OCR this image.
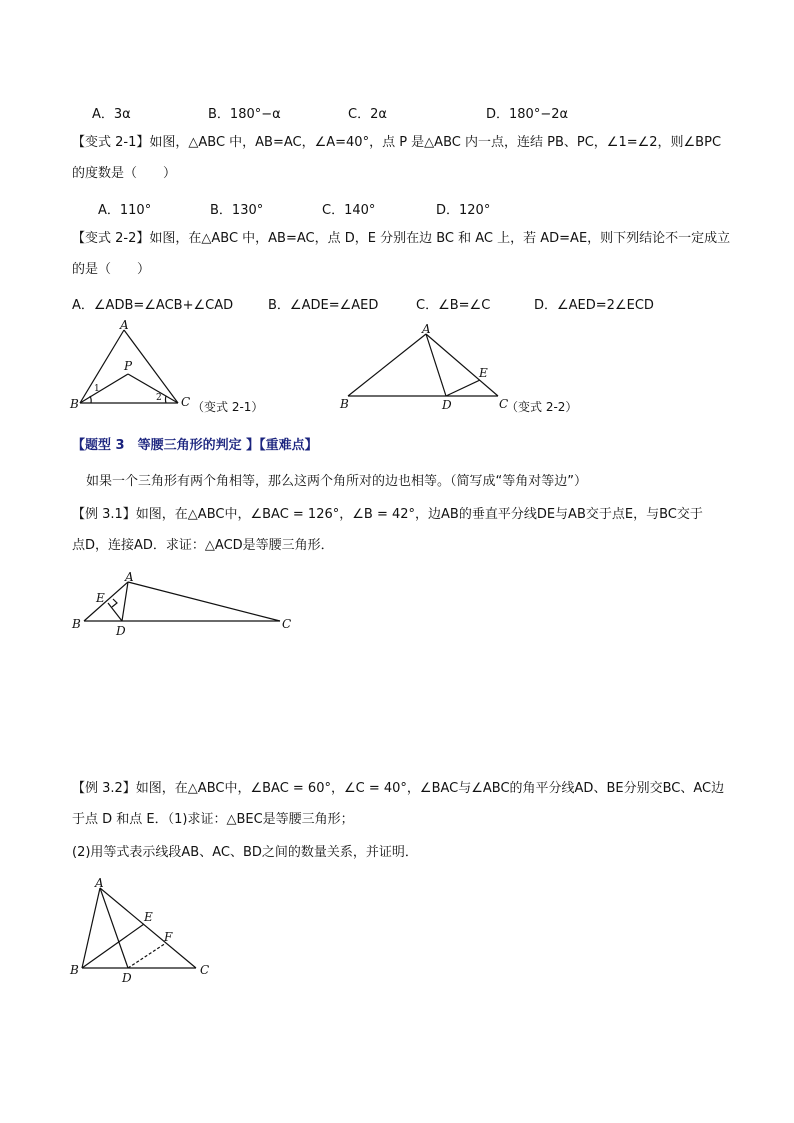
A．3α	B．180°−α	C．2α	D．180°−2α
【变式 2-1】如图，△ABC 中，AB=AC，∠A=40°，点 P 是△ABC 内一点，连结 PB、PC，∠1=∠2，则∠BPC
的度数是（　　）
A．110°	B．130°	C．140°	D．120°
【变式 2-2】如图，在△ABC 中，AB=AC，点 D，E 分别在边 BC 和 AC 上，若 AD=AE，则下列结论不一定成立
的是（　　）
A．∠ADB=∠ACB+∠CAD	B．∠ADE=∠AED	C．∠B=∠C	D．∠AED=2∠ECD
A
B	C
P
1
2
（变式 2-1）
A
B	C
D
E
（变式 2-2）
【题型 3　等腰三角形的判定 】【重难点】
如果一个三角形有两个角相等，那么这两个角所对的边也相等。（简写成“等角对等边”）
【例 3.1】如图，在△ABC中，∠BAC = 126°，∠B = 42°，边AB的垂直平分线DE与AB交于点E，与BC交于
点D，连接AD．求证：△ACD是等腰三角形．
A
B	C
D
E
【例 3.2】如图，在△ABC中，∠BAC = 60°，∠C = 40°，∠BAC与∠ABC的角平分线AD、BE分别交BC、AC边
于点 D 和点 E．（1)求证：△BEC是等腰三角形；
(2)用等式表示线段AB、AC、BD之间的数量关系，并证明．
A
B	C
D
E
F
